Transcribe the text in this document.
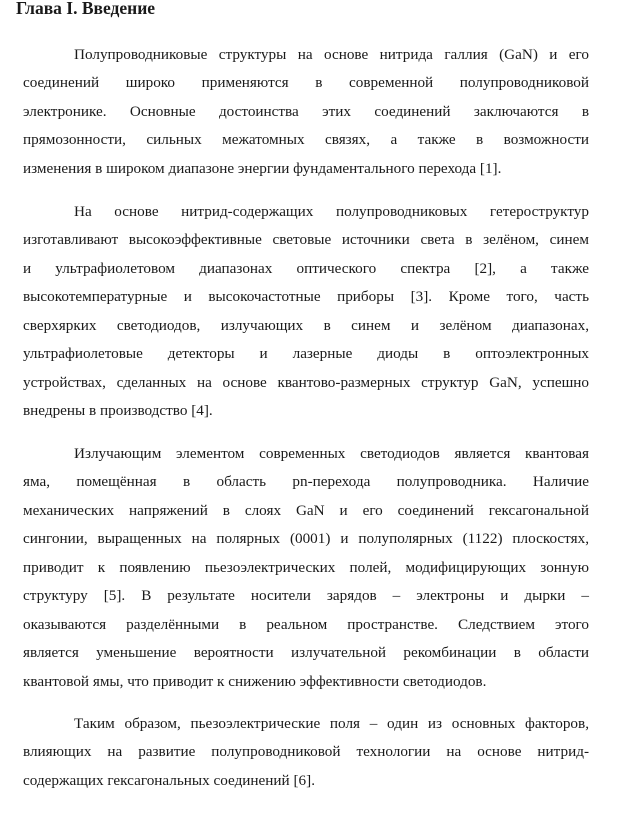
Глава I. Введение
Полупроводниковые структуры на основе нитрида галлия (GaN) и его
соединений широко применяются в современной полупроводниковой
электронике. Основные достоинства этих соединений заключаются в
прямозонности, сильных межатомных связях, а также в возможности
изменения в широком диапазоне энергии фундаментального перехода [1].
На основе нитрид-содержащих полупроводниковых гетероструктур
изготавливают высокоэффективные световые источники света в зелёном, синем
и ультрафиолетовом диапазонах оптического спектра [2], а также
высокотемпературные и высокочастотные приборы [3]. Кроме того, часть
сверхярких светодиодов, излучающих в синем и зелёном диапазонах,
ультрафиолетовые детекторы и лазерные диоды в оптоэлектронных
устройствах, сделанных на основе квантово-размерных структур GaN, успешно
внедрены в производство [4].
Излучающим элементом современных светодиодов является квантовая
яма, помещённая в область pn-перехода полупроводника. Наличие
механических напряжений в слоях GaN и его соединений гексагональной
сингонии, выращенных на полярных (0001) и полуполярных (1122) плоскостях,
приводит к появлению пьезоэлектрических полей, модифицирующих зонную
структуру [5]. В результате носители зарядов – электроны и дырки –
оказываются разделёнными в реальном пространстве. Следствием этого
является уменьшение вероятности излучательной рекомбинации в области
квантовой ямы, что приводит к снижению эффективности светодиодов.
Таким образом, пьезоэлектрические поля – один из основных факторов,
влияющих на развитие полупроводниковой технологии на основе нитрид-
содержащих гексагональных соединений [6].
